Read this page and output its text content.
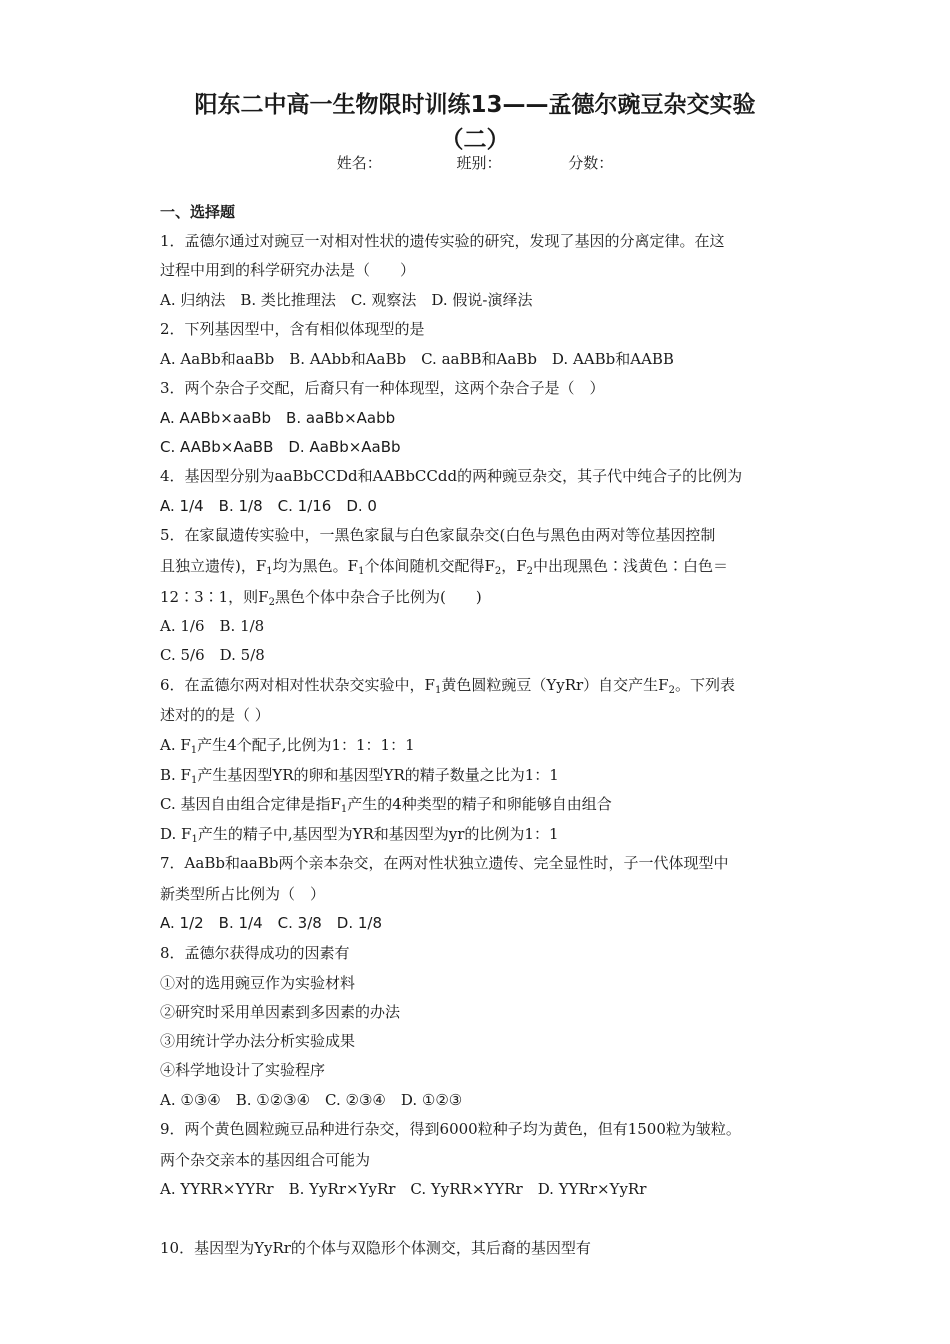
阳东二中高一生物限时训练13——孟德尔豌豆杂交实验
（二）
姓名：	班别：	分数：
一、选择题
1．孟德尔通过对豌豆一对相对性状的遗传实验的研究，发现了基因的分离定律。在这
过程中用到的科学研究办法是（　　）
A. 归纳法　B. 类比推理法　C. 观察法　D. 假说-演绎法
2．下列基因型中，含有相似体现型的是
A. AaBb和aaBb　B. AAbb和AaBb　C. aaBB和AaBb　D. AABb和AABB
3．两个杂合子交配，后裔只有一种体现型，这两个杂合子是（　）
A. AABb×aaBb　B. aaBb×Aabb
C. AABb×AaBB　D. AaBb×AaBb
4．基因型分别为aaBbCCDd和AABbCCdd的两种豌豆杂交，其子代中纯合子的比例为
A. 1/4　B. 1/8　C. 1/16　D. 0
5．在家鼠遗传实验中，一黑色家鼠与白色家鼠杂交(白色与黑色由两对等位基因控制
且独立遗传)，$F_1$均为黑色。$F_1$个体间随机交配得$F_2$，$F_2$中出现黑色∶浅黄色∶白色＝
12∶3∶1，则$F_2$黑色个体中杂合子比例为(　　)
A. 1/6　B. 1/8
C. 5/6　D. 5/8
6．在孟德尔两对相对性状杂交实验中，$F_1$黄色圆粒豌豆（YyRr）自交产生$F_2$。下列表
述对的的是（ ）
A. $F_1$产生4个配子,比例为1：1：1：1
B. $F_1$产生基因型YR的卵和基因型YR的精子数量之比为1：1
C. 基因自由组合定律是指$F_1$产生的4种类型的精子和卵能够自由组合
D. $F_1$产生的精子中,基因型为YR和基因型为yr的比例为1：1
7．AaBb和aaBb两个亲本杂交，在两对性状独立遗传、完全显性时，子一代体现型中
新类型所占比例为（　）
A. 1/2　B. 1/4　C. 3/8　D. 1/8
8．孟德尔获得成功的因素有
①对的选用豌豆作为实验材料
②研究时采用单因素到多因素的办法
③用统计学办法分析实验成果
④科学地设计了实验程序
A. ①③④　B. ①②③④　C. ②③④　D. ①②③
9．两个黄色圆粒豌豆品种进行杂交，得到6000粒种子均为黄色，但有1500粒为皱粒。
两个杂交亲本的基因组合可能为
A. YYRR×YYRr　B. YyRr×YyRr　C. YyRR×YYRr　D. YYRr×YyRr
10．基因型为YyRr的个体与双隐形个体测交，其后裔的基因型有
